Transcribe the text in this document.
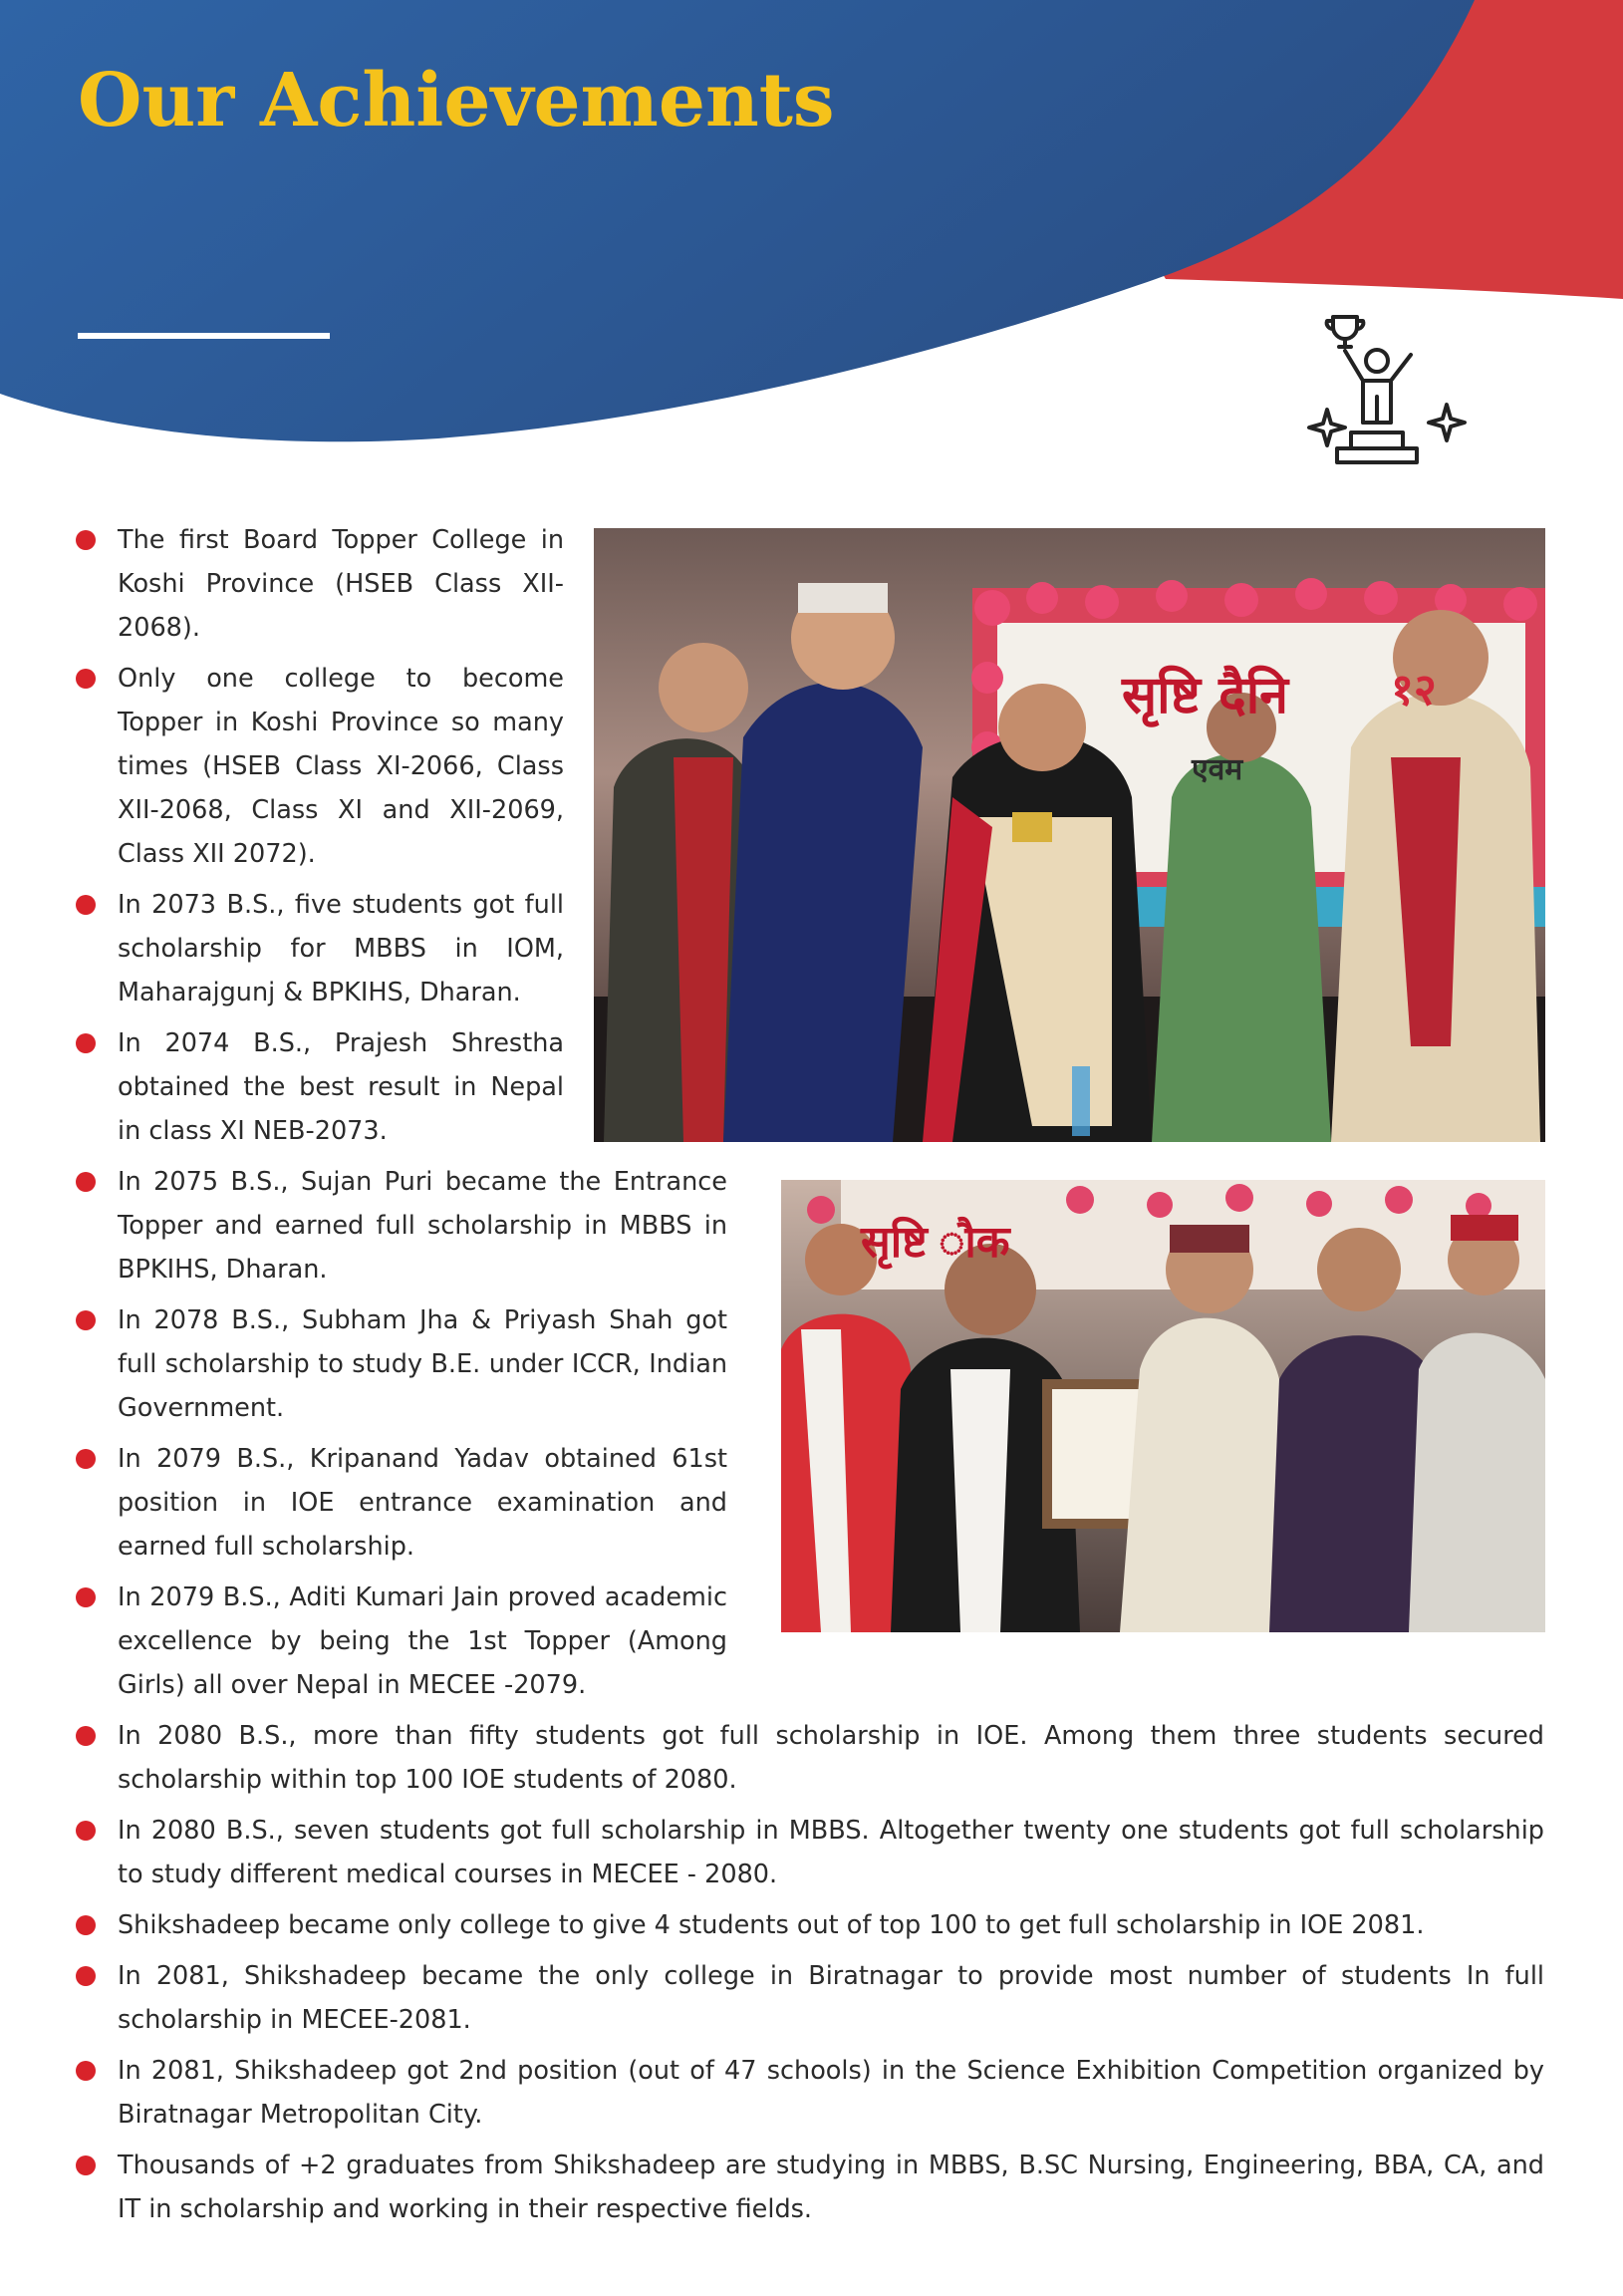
Our Achievements
The first Board Topper College in Koshi Province (HSEB Class XII-2068).
Only one college to become Topper in Koshi Province so many times (HSEB Class XI-2066, Class XII-2068, Class XI and XII-2069, Class XII 2072).
In 2073 B.S., five students got full scholarship for MBBS in IOM, Maharajgunj & BPKIHS, Dharan.
In 2074 B.S., Prajesh Shrestha obtained the best result in Nepal in class XI NEB-2073.
In 2075 B.S., Sujan Puri became the Entrance Topper and earned full scholarship in MBBS in BPKIHS, Dharan.
In 2078 B.S., Subham Jha & Priyash Shah got full scholarship to study B.E. under ICCR, Indian Government.
In 2079 B.S., Kripanand Yadav obtained 61st position in IOE entrance examination and earned full scholarship.
In 2079 B.S., Aditi Kumari Jain proved academic excellence by being the 1st Topper (Among Girls) all over Nepal in MECEE -2079.
In 2080 B.S., more than fifty students got full scholarship in IOE. Among them three students secured scholarship within top 100 IOE students of 2080.
In 2080 B.S., seven students got full scholarship in MBBS. Altogether twenty one students got full scholarship to study different medical courses in MECEE - 2080.
Shikshadeep became only college to give 4 students out of top 100 to get full scholarship in IOE 2081.
In 2081, Shikshadeep became the only college in Biratnagar to provide most number of students In full scholarship in MECEE-2081.
In 2081, Shikshadeep got 2nd position (out of 47 schools) in the Science Exhibition Competition organized by Biratnagar Metropolitan City.
Thousands of +2 graduates from Shikshadeep are studying in MBBS, B.SC Nursing, Engineering, BBA, CA, and IT in scholarship and working in their respective fields.
सृष्टि दैनि १२
एवम
सृष्टि ौक
